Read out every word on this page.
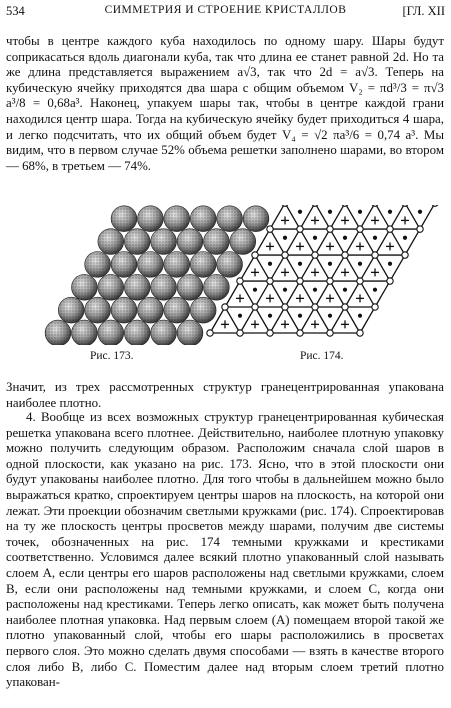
534	СИММЕТРИЯ И СТРОЕНИЕ КРИСТАЛЛОВ	[ГЛ. XII
чтобы в центре каждого куба находилось по одному шару. Шары будут соприкасаться вдоль диагонали куба, так что длина ее станет равной 2d. Но та же длина представляется выражением a√3, так что 2d = a√3. Теперь на кубическую ячейку приходятся два шара с общим объемом V₂ = πd³/3 = π√3 a³/8 = 0,68a³. Наконец, упакуем шары так, чтобы в центре каждой грани находился центр шара. Тогда на кубическую ячейку будет приходиться 4 шара, и легко подсчитать, что их общий объем будет V₄ = √2 πa³/6 = 0,74 a³. Мы видим, что в первом случае 52% объема решетки заполнено шарами, во втором — 68%, в третьем — 74%.
Рис. 173.	Рис. 174.
Значит, из трех рассмотренных структур гранецентрированная упакована наиболее плотно.
4. Вообще из всех возможных структур гранецентрированная кубическая решетка упакована всего плотнее. Действительно, наиболее плотную упаковку можно получить следующим образом. Расположим сначала слой шаров в одной плоскости, как указано на рис. 173. Ясно, что в этой плоскости они будут упакованы наиболее плотно. Для того чтобы в дальнейшем можно было выражаться кратко, спроектируем центры шаров на плоскость, на которой они лежат. Эти проекции обозначим светлыми кружками (рис. 174). Спроектировав на ту же плоскость центры просветов между шарами, получим две системы точек, обозначенных на рис. 174 темными кружками и крестиками соответственно. Условимся далее всякий плотно упакованный слой называть слоем A, если центры его шаров расположены над светлыми кружками, слоем B, если они расположены над темными кружками, и слоем C, когда они расположены над крестиками. Теперь легко описать, как может быть получена наиболее плотная упаковка. Над первым слоем (A) помещаем второй такой же плотно упакованный слой, чтобы его шары расположились в просветах первого слоя. Это можно сделать двумя способами — взять в качестве второго слоя либо B, либо C. Поместим далее над вторым слоем третий плотно упакован-
